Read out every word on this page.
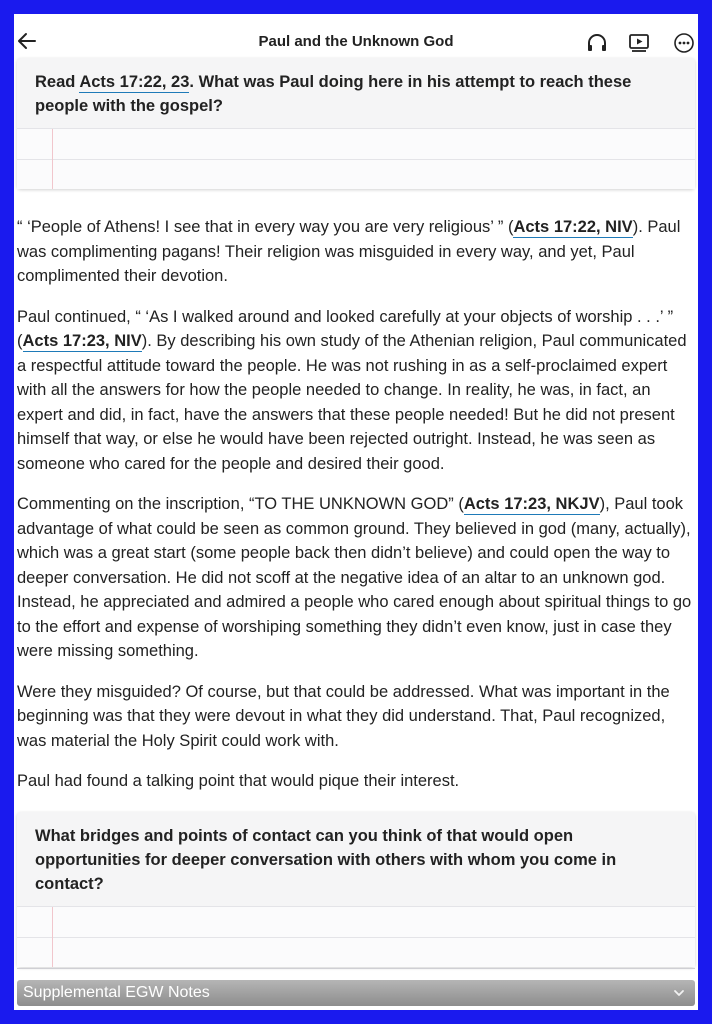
Paul and the Unknown God
Read Acts 17:22, 23. What was Paul doing here in his attempt to reach these people with the gospel?

“ ‘People of Athens! I see that in every way you are very religious’ ” (Acts 17:22, NIV). Paul was complimenting pagans! Their religion was misguided in every way, and yet, Paul complimented their devotion.

Paul continued, “ ‘As I walked around and looked carefully at your objects of worship . . .’ ” (Acts 17:23, NIV). By describing his own study of the Athenian religion, Paul communicated a respectful attitude toward the people. He was not rushing in as a self-proclaimed expert with all the answers for how the people needed to change. In reality, he was, in fact, an expert and did, in fact, have the answers that these people needed! But he did not present himself that way, or else he would have been rejected outright. Instead, he was seen as someone who cared for the people and desired their good.

Commenting on the inscription, “TO THE UNKNOWN GOD” (Acts 17:23, NKJV), Paul took advantage of what could be seen as common ground. They believed in god (many, actually), which was a great start (some people back then didn’t believe) and could open the way to deeper conversation. He did not scoff at the negative idea of an altar to an unknown god. Instead, he appreciated and admired a people who cared enough about spiritual things to go to the effort and expense of worshiping something they didn’t even know, just in case they were missing something.

Were they misguided? Of course, but that could be addressed. What was important in the beginning was that they were devout in what they did understand. That, Paul recognized, was material the Holy Spirit could work with.

Paul had found a talking point that would pique their interest.

What bridges and points of contact can you think of that would open opportunities for deeper conversation with others with whom you come in contact?
Supplemental EGW Notes
